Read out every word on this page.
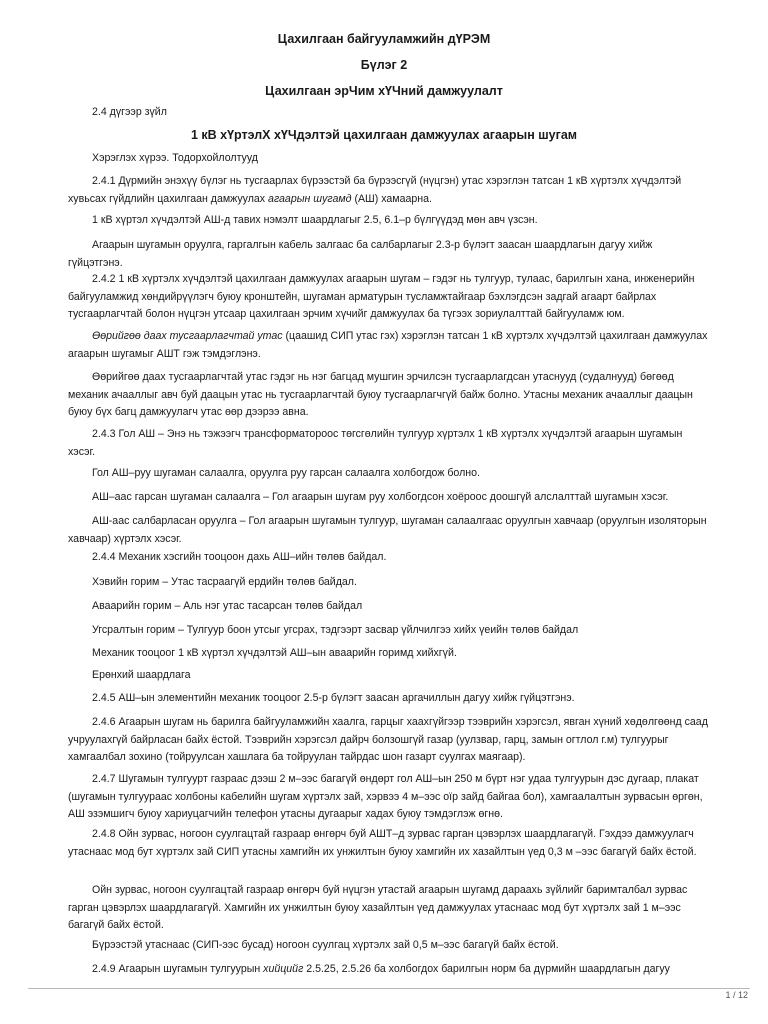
Цахилгаан байгууламжийн дҮРЭМ
Бүлэг 2
Цахилгаан эрЧим хҮЧний дамжуулалт

2.4 дүгээр зүйл

1 кВ хҮртэлХ хҮЧдэлтэй цахилгаан дамжуулах агаарын шугам

Хэрэглэх хүрээ. Тодорхойлолтууд

2.4.1 Дүрмийн энэхүү бүлэг нь тусгаарлах бүрээстэй ба бүрээсгүй (нүцгэн) утас хэрэглэн татсан 1 кВ хүртэлх хүчдэлтэй хувьсах гүйдлийн цахилгаан дамжуулах агаарын шугамд (АШ) хамаарна.

1 кВ хүртэл хүчдэлтэй АШ-д тавих нэмэлт шаардлагыг 2.5, 6.1–р бүлгүүдэд мөн авч үзсэн.

Агаарын шугамын оруулга, гаргалгын кабель залгаас ба салбарлагыг 2.3-р бүлэгт заасан шаардлагын дагуу хийж гүйцэтгэнэ.

2.4.2 1 кВ хүртэлх хүчдэлтэй цахилгаан дамжуулах агаарын шугам – гэдэг нь тулгуур, тулаас, барилгын хана, инженерийн байгууламжид хөндийрүүлэгч буюу кронштейн, шугаман арматурын тусламжтайгаар бэхлэгдсэн задгай агаарт байрлах тусгаарлагчтай болон нүцгэн утсаар цахилгаан эрчим хүчийг дамжуулах ба түгээх зориулалттай байгууламж юм.

Өөрийгөө даах тусгаарлагчтай утас (цаашид СИП утас гэх) хэрэглэн татсан 1 кВ хүртэлх хүчдэлтэй цахилгаан дамжуулах агаарын шугамыг АШТ гэж тэмдэглэнэ.

Өөрийгөө даах тусгаарлагчтай утас гэдэг нь нэг багцад мушгин эрчилсэн тусгаарлагдсан утаснууд (судалнууд) бөгөөд механик ачааллыг авч буй даацын утас нь тусгаарлагчтай буюу тусгаарлагчгүй байж болно. Утасны механик ачааллыг даацын буюу бүх багц дамжуулагч утас өөр дээрээ авна.

2.4.3 Гол АШ – Энэ нь тэжээгч трансформатороос төгсгөлийн тулгуур хүртэлх 1 кВ хүртэлх хүчдэлтэй агаарын шугамын хэсэг.

Гол АШ–руу шугаман салаалга, оруулга руу гарсан салаалга холбогдож болно.

АШ–аас гарсан шугаман салаалга – Гол агаарын шугам руу холбогдсон хоёроос доошгүй алслалттай шугамын хэсэг.

АШ-аас салбарласан оруулга – Гол агаарын шугамын тулгуур, шугаман салаалгаас оруулгын хавчаар (оруулгын изоляторын хавчаар) хүртэлх хэсэг.

2.4.4 Механик хэсгийн тооцоон дахь АШ–ийн төлөв байдал.

Хэвийн горим – Утас тасраагүй ердийн төлөв байдал.

Аваарийн горим – Аль нэг утас тасарсан төлөв байдал

Угсралтын горим – Тулгуур боон утсыг угсрах, тэдгээрт засвар үйлчилгээ хийх үеийн төлөв байдал

Механик тооцоог 1 кВ хүртэл хүчдэлтэй АШ–ын аваарийн горимд хийхгүй.

Ерөнхий шаардлага

2.4.5 АШ–ын элементийн механик тооцоог 2.5-р бүлэгт заасан аргачиллын дагуу хийж гүйцэтгэнэ.

2.4.6 Агаарын шугам нь барилга байгууламжийн хаалга, гарцыг хаахгүйгээр тээврийн хэрэгсэл, явган хүний хөдөлгөөнд саад учруулахгүй байрласан байх ёстой. Тээврийн хэрэгсэл дайрч болзошгүй газар (уулзвар, гарц, замын огтлол г.м) тулгуурыг хамгаалбал зохино (тойруулсан хашлага ба тойруулан тайрдас шон газарт суулгах маягаар).

2.4.7 Шугамын тулгуурт газраас дээш 2 м–ээс багагүй өндөрт гол АШ–ын 250 м бүрт нэг удаа тулгуурын дэс дугаар, плакат (шугамын тулгуураас холбоны кабелийн шугам хүртэлх зай, хэрвээ 4 м–ээс оїр зайд байгаа бол), хамгаалалтын зурвасын өргөн, АШ эзэмшигч буюу хариуцагчийн телефон утасны дугаарыг хадах буюу тэмдэглэж өгнө.

2.4.8 Ойн зурвас, ногоон суулгацтай газраар өнгөрч буй АШТ–д зурвас гарган цэвэрлэх шаардлагагүй. Гэхдээ дамжуулагч утаснаас мод бут хүртэлх зай СИП утасны хамгийн их унжилтын буюу хамгийн их хазайлтын үед 0,3 м –ээс багагүй байх ёстой.

Ойн зурвас, ногоон суулгацтай газраар өнгөрч буй нүцгэн утастай агаарын шугамд дараахь зүйлийг баримталбал зурвас гарган цэвэрлэх шаардлагагүй. Хамгийн их унжилтын буюу хазайлтын үед дамжуулах утаснаас мод бут хүртэлх зай 1 м–ээс багагүй байх ёстой.

Бүрээстэй утаснаас (СИП-ээс бусад) ногоон суулгац хүртэлх зай 0,5 м–ээс багагүй байх ёстой.

2.4.9 Агаарын шугамын тулгуурын хийцийг 2.5.25, 2.5.26 ба холбогдох барилгын норм ба дүрмийн шаардлагын дагуу

1 / 12
